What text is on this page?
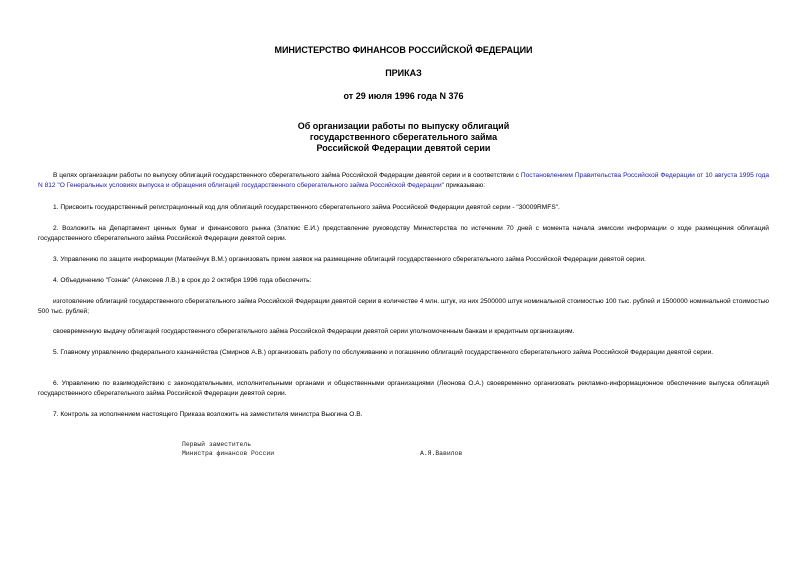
МИНИСТЕРСТВО ФИНАНСОВ РОССИЙСКОЙ ФЕДЕРАЦИИ
ПРИКАЗ
от 29 июля 1996 года N 376
Об организации работы по выпуску облигаций
государственного сберегательного займа
Российской Федерации девятой серии
В целях организации работы по выпуску облигаций государственного сберегательного займа Российской Федерации девятой серии и в соответствии с Постановлением Правительства Российской Федерации от 10 августа 1995 года N 812 "О Генеральных условиях выпуска и обращения облигаций государственного сберегательного займа Российской Федерации" приказываю:
1. Присвоить государственный регистрационный код для облигаций государственного сберегательного займа Российской Федерации девятой серии - "30009RMFS".
2. Возложить на Департамент ценных бумаг и финансового рынка (Златкис Е.И.) представление руководству Министерства по истечении 70 дней с момента начала эмиссии информации о ходе размещения облигаций государственного сберегательного займа Российской Федерации девятой серии.
3. Управлению по защите информации (Матвейчук В.М.) организовать прием заявок на размещение облигаций государственного сберегательного займа Российской Федерации девятой серии.
4. Объединению "Гознак" (Алексеев Л.В.) в срок до 2 октября 1996 года обеспечить:
изготовление облигаций государственного сберегательного займа Российской Федерации девятой серии в количестве 4 млн. штук, из них 2500000 штук номинальной стоимостью 100 тыс. рублей и 1500000 номинальной стоимостью 500 тыс. рублей;
своевременную выдачу облигаций государственного сберегательного займа Российской Федерации девятой серии уполномоченным банкам и кредитным организациям.
5. Главному управлению федерального казначейства (Смирнов А.В.) организовать работу по обслуживанию и погашению облигаций государственного сберегательного займа Российской Федерации девятой серии.
6. Управлению по взаимодействию с законодательными, исполнительными органами и общественными организациями (Леонова О.А.) своевременно организовать рекламно-информационное обеспечение выпуска облигаций государственного сберегательного займа Российской Федерации девятой серии.
7. Контроль за исполнением настоящего Приказа возложить на заместителя министра Вьюгина О.В.
Первый заместитель
Министра финансов России	А.Я.Вавилов
